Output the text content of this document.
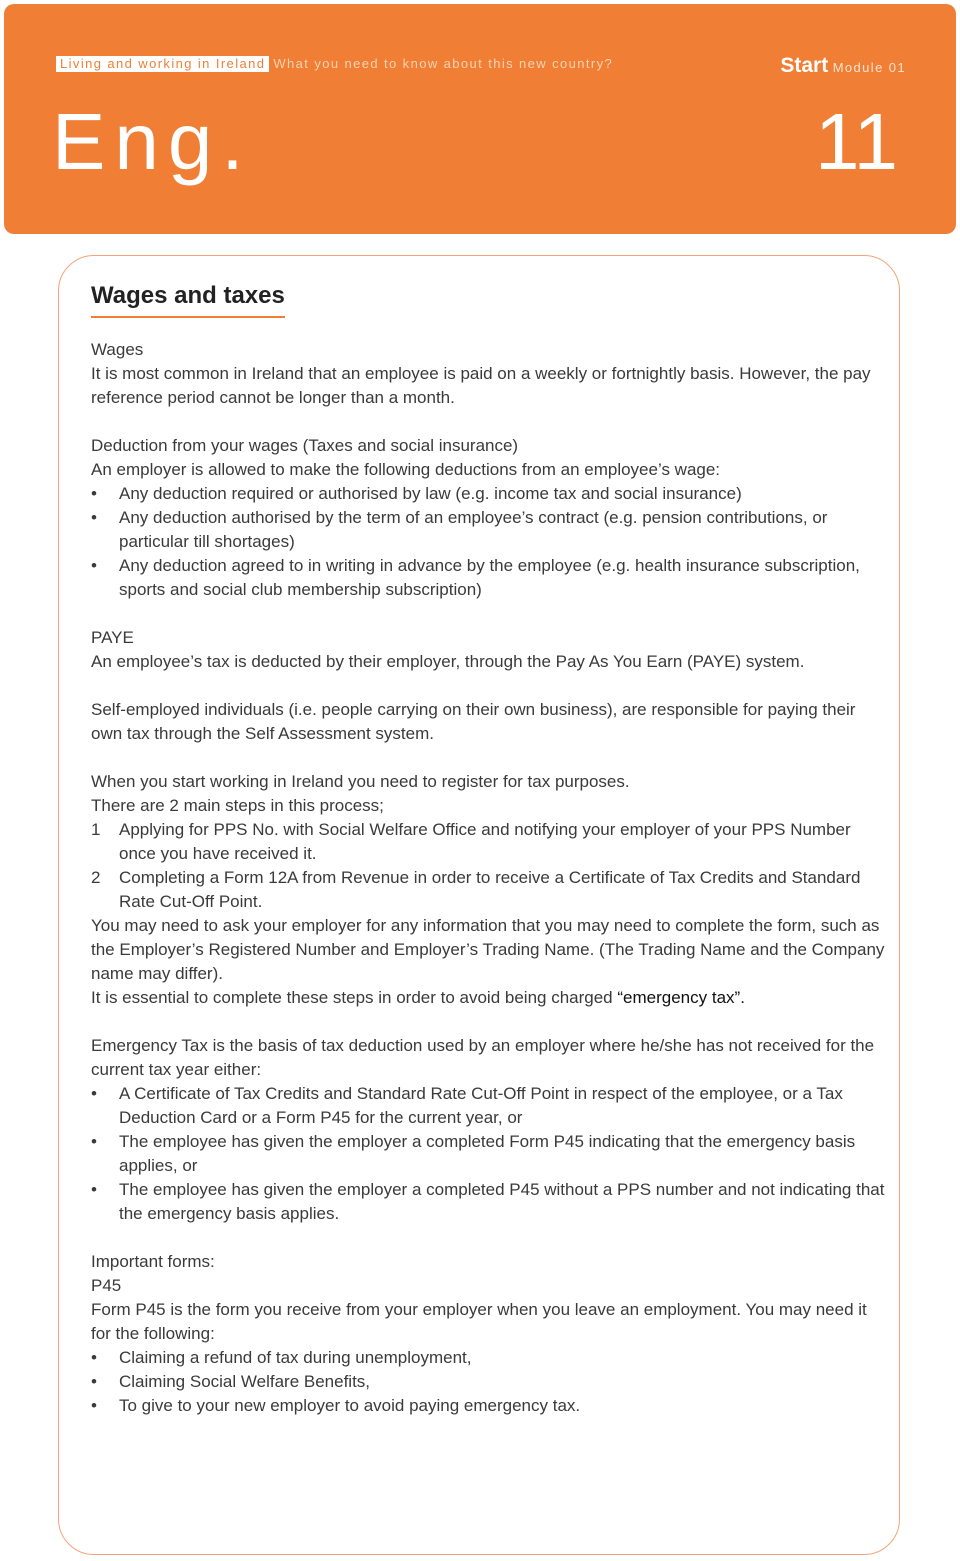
Living and working in Ireland What you need to know about this new country?	Start Module 01
Eng.	11
Wages and taxes

Wages

It is most common in Ireland that an employee is paid on a weekly or fortnightly basis. However, the pay reference period cannot be longer than a month.

Deduction from your wages (Taxes and social insurance)

An employer is allowed to make the following deductions from an employee’s wage:

• Any deduction required or authorised by law (e.g. income tax and social insurance)
• Any deduction authorised by the term of an employee’s contract (e.g. pension contributions, or particular till shortages)
• Any deduction agreed to in writing in advance by the employee (e.g. health insurance subscription, sports and social club membership subscription)

PAYE

An employee’s tax is deducted by their employer, through the Pay As You Earn (PAYE) system.

Self-employed individuals (i.e. people carrying on their own business), are responsible for paying their own tax through the Self Assessment system.

When you start working in Ireland you need to register for tax purposes.

There are 2 main steps in this process;

1 Applying for PPS No. with Social Welfare Office and notifying your employer of your PPS Number once you have received it.
2 Completing a Form 12A from Revenue in order to receive a Certificate of Tax Credits and Standard Rate Cut-Off Point.

You may need to ask your employer for any information that you may need to complete the form, such as the Employer’s Registered Number and Employer’s Trading Name. (The Trading Name and the Company name may differ).

It is essential to complete these steps in order to avoid being charged “emergency tax”.

Emergency Tax is the basis of tax deduction used by an employer where he/she has not received for the current tax year either:

• A Certificate of Tax Credits and Standard Rate Cut-Off Point in respect of the employee, or a Tax Deduction Card or a Form P45 for the current year, or
• The employee has given the employer a completed Form P45 indicating that the emergency basis applies, or
• The employee has given the employer a completed P45 without a PPS number and not indicating that the emergency basis applies.

Important forms:

P45

Form P45 is the form you receive from your employer when you leave an employment. You may need it for the following:

• Claiming a refund of tax during unemployment,
• Claiming Social Welfare Benefits,
• To give to your new employer to avoid paying emergency tax.
